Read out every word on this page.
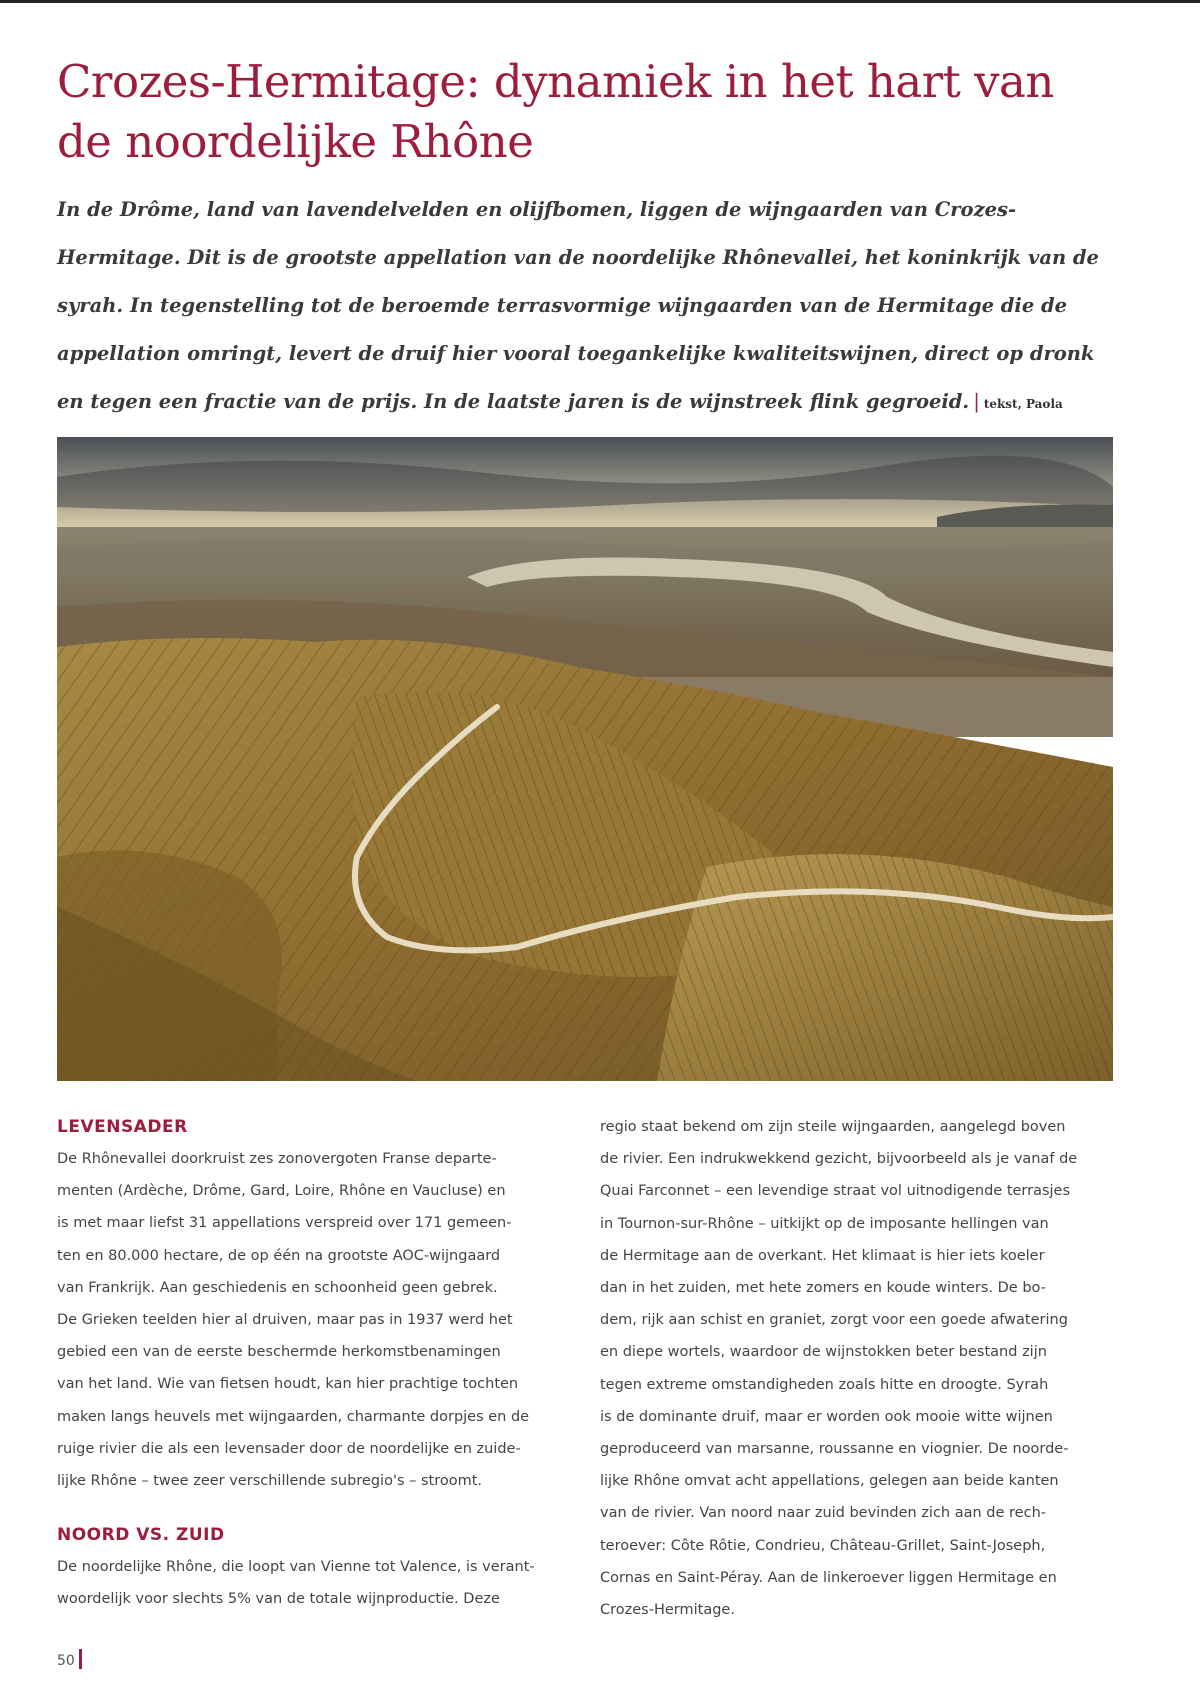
Crozes-Hermitage: dynamiek in het hart van de noordelijke Rhône

In de Drôme, land van lavendelvelden en olijfbomen, liggen de wijngaarden van Crozes-Hermitage. Dit is de grootste appellation van de noordelijke Rhônevallei, het koninkrijk van de syrah. In tegenstelling tot de beroemde terrasvormige wijngaarden van de Hermitage die de appellation omringt, levert de druif hier vooral toegankelijke kwaliteitswijnen, direct op dronk en tegen een fractie van de prijs. In de laatste jaren is de wijnstreek flink gegroeid. | tekst, Paola

LEVENSADER

De Rhônevallei doorkruist zes zonovergoten Franse departe-
menten (Ardèche, Drôme, Gard, Loire, Rhône en Vaucluse) en
is met maar liefst 31 appellations verspreid over 171 gemeen-
ten en 80.000 hectare, de op één na grootste AOC-wijngaard
van Frankrijk. Aan geschiedenis en schoonheid geen gebrek.
De Grieken teelden hier al druiven, maar pas in 1937 werd het
gebied een van de eerste beschermde herkomstbenamingen
van het land. Wie van fietsen houdt, kan hier prachtige tochten
maken langs heuvels met wijngaarden, charmante dorpjes en de
ruige rivier die als een levensader door de noordelijke en zuide-
lijke Rhône – twee zeer verschillende subregio's – stroomt.

NOORD VS. ZUID

De noordelijke Rhône, die loopt van Vienne tot Valence, is verant-
woordelijk voor slechts 5% van de totale wijnproductie. Deze

regio staat bekend om zijn steile wijngaarden, aangelegd boven
de rivier. Een indrukwekkend gezicht, bijvoorbeeld als je vanaf de
Quai Farconnet – een levendige straat vol uitnodigende terrasjes
in Tournon-sur-Rhône – uitkijkt op de imposante hellingen van
de Hermitage aan de overkant. Het klimaat is hier iets koeler
dan in het zuiden, met hete zomers en koude winters. De bo-
dem, rijk aan schist en graniet, zorgt voor een goede afwatering
en diepe wortels, waardoor de wijnstokken beter bestand zijn
tegen extreme omstandigheden zoals hitte en droogte. Syrah
is de dominante druif, maar er worden ook mooie witte wijnen
geproduceerd van marsanne, roussanne en viognier. De noorde-
lijke Rhône omvat acht appellations, gelegen aan beide kanten
van de rivier. Van noord naar zuid bevinden zich aan de rech-
teroever: Côte Rôtie, Condrieu, Château-Grillet, Saint-Joseph,
Cornas en Saint-Péray. Aan de linkeroever liggen Hermitage en
Crozes-Hermitage.

50
